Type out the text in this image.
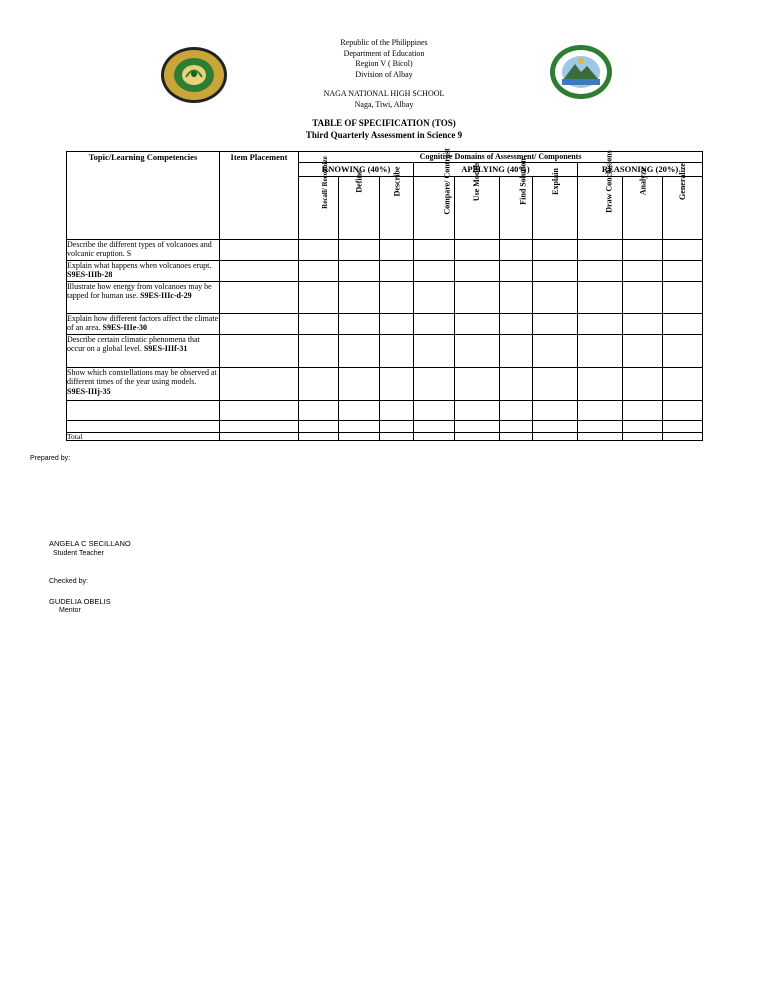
Republic of the Philippines
Department of Education
Region V ( Bicol)
Division of Albay
NAGA NATIONAL HIGH SCHOOL
Naga, Tiwi, Albay
TABLE OF SPECIFICATION (TOS)
Third Quarterly Assessment in Science 9
Topic/Learning Competencies	Item Placement	Cognitive Domains of Assessment/ Components									
		KNOWING (40%)			APPLYING (40%)				REASONING (20%)		
		Recall/ Recognize	Define	Describe	Compare/ Contrast	Use Models	Find Solution	Explain	Draw Conclusions	Analyze	Generalize
Describe the different types of volcanoes and volcanic eruption. S											
Explain what happens when volcanoes erupt. S9ES-IIIb-28											
Illustrate how energy from volcanoes may be tapped for human use. S9ES-IIIc-d-29											
Explain how different factors affect the climate of an area. S9ES-IIIe-30											
Describe certain climatic phenomena that occur on a global level. S9ES-IIIf-31											
Show which constellations may be observed at different times of the year using models. S9ES-IIIj-35											

Total											
Prepared by:
ANGELA C SECILLANO
Student Teacher
Checked by:
GUDELIA OBELIS
Mentor
